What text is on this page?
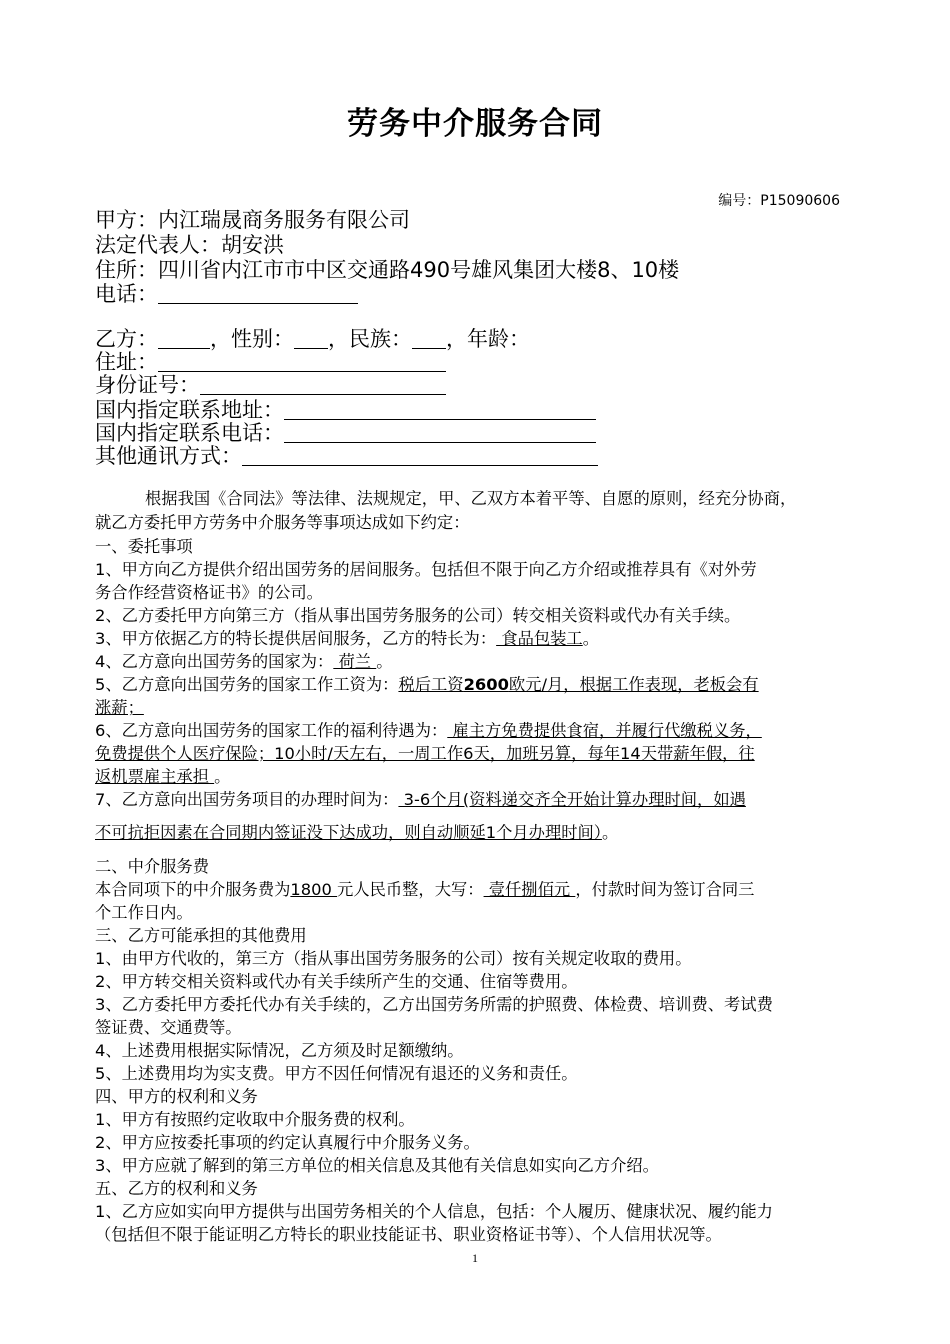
劳务中介服务合同
编号：P15090606
甲方：内江瑞晟商务服务有限公司
法定代表人：胡安洪
住所：四川省内江市市中区交通路490号雄风集团大楼8、10楼
电话：
乙方： ，性别： ，民族： ，年龄：
住址：
身份证号：
国内指定联系地址：
国内指定联系电话：
其他通讯方式：
根据我国《合同法》等法律、法规规定，甲、乙双方本着平等、自愿的原则，经充分协商，
就乙方委托甲方劳务中介服务等事项达成如下约定：
一、委托事项
1、甲方向乙方提供介绍出国劳务的居间服务。包括但不限于向乙方介绍或推荐具有《对外劳
务合作经营资格证书》的公司。
2、乙方委托甲方向第三方（指从事出国劳务服务的公司）转交相关资料或代办有关手续。
3、甲方依据乙方的特长提供居间服务，乙方的特长为： 食品包装工。
4、乙方意向出国劳务的国家为： 荷兰 。
5、乙方意向出国劳务的国家工作工资为：税后工资2600欧元/月，根据工作表现，老板会有
涨薪；
6、乙方意向出国劳务的国家工作的福利待遇为： 雇主方免费提供食宿，并履行代缴税义务，
免费提供个人医疗保险；10小时/天左右，一周工作6天，加班另算，每年14天带薪年假，往
返机票雇主承担 。
7、乙方意向出国劳务项目的办理时间为： 3-6个月(资料递交齐全开始计算办理时间，如遇
不可抗拒因素在合同期内签证没下达成功，则自动顺延1个月办理时间）。
二、中介服务费
本合同项下的中介服务费为1800 元人民币整，大写： 壹仟捌佰元 ，付款时间为签订合同三
个工作日内。
三、乙方可能承担的其他费用
1、由甲方代收的，第三方（指从事出国劳务服务的公司）按有关规定收取的费用。
2、甲方转交相关资料或代办有关手续所产生的交通、住宿等费用。
3、乙方委托甲方委托代办有关手续的，乙方出国劳务所需的护照费、体检费、培训费、考试费
签证费、交通费等。
4、上述费用根据实际情况，乙方须及时足额缴纳。
5、上述费用均为实支费。甲方不因任何情况有退还的义务和责任。
四、甲方的权利和义务
1、甲方有按照约定收取中介服务费的权利。
2、甲方应按委托事项的约定认真履行中介服务义务。
3、甲方应就了解到的第三方单位的相关信息及其他有关信息如实向乙方介绍。
五、乙方的权利和义务
1、乙方应如实向甲方提供与出国劳务相关的个人信息，包括：个人履历、健康状况、履约能力
（包括但不限于能证明乙方特长的职业技能证书、职业资格证书等）、个人信用状况等。
1
